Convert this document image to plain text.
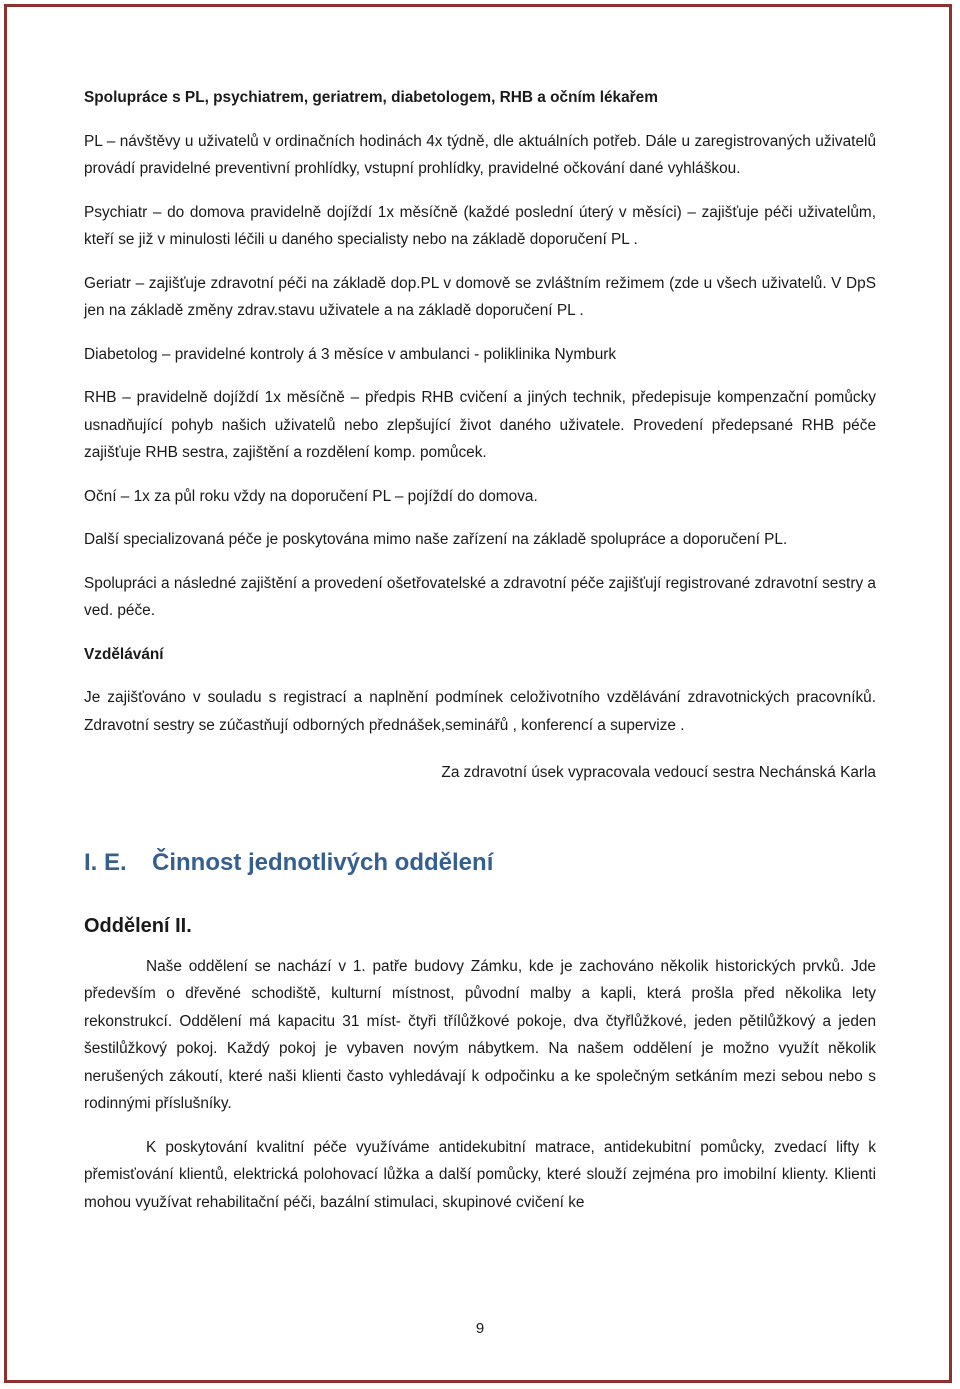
Spolupráce s PL, psychiatrem, geriatrem, diabetologem, RHB a očním lékařem

PL – návštěvy u uživatelů v ordinačních hodinách 4x týdně, dle aktuálních potřeb. Dále u zaregistrovaných uživatelů provádí pravidelné preventivní prohlídky, vstupní prohlídky, pravidelné očkování dané vyhláškou.

Psychiatr – do domova pravidelně dojíždí 1x měsíčně (každé poslední úterý v měsíci) – zajišťuje péči uživatelům, kteří se již v minulosti léčili u daného specialisty nebo na základě doporučení PL .

Geriatr – zajišťuje zdravotní péči na základě dop.PL v domově se zvláštním režimem (zde u všech uživatelů. V DpS jen na základě změny zdrav.stavu uživatele a na základě doporučení PL .

Diabetolog – pravidelné kontroly á 3 měsíce v ambulanci - poliklinika Nymburk

RHB – pravidelně dojíždí 1x měsíčně – předpis RHB cvičení a jiných technik, předepisuje kompenzační pomůcky usnadňující pohyb našich uživatelů nebo zlepšující život daného uživatele. Provedení předepsané RHB péče zajišťuje RHB sestra, zajištění a rozdělení komp. pomůcek.

Oční – 1x za půl roku vždy na doporučení PL – pojíždí do domova.

Další specializovaná péče je poskytována mimo naše zařízení na základě spolupráce a doporučení PL.

Spolupráci a následné zajištění a provedení ošetřovatelské a zdravotní péče zajišťují registrované zdravotní sestry a ved. péče.

Vzdělávání

Je zajišťováno v souladu s registrací a naplnění podmínek celoživotního vzdělávání zdravotnických pracovníků. Zdravotní sestry se zúčastňují odborných přednášek,seminářů , konferencí a supervize .

Za zdravotní úsek vypracovala vedoucí sestra Nechánská Karla

I. E. Činnost jednotlivých oddělení

Oddělení II.

Naše oddělení se nachází v 1. patře budovy Zámku, kde je zachováno několik historických prvků. Jde především o dřevěné schodiště, kulturní místnost, původní malby a kapli, která prošla před několika lety rekonstrukcí. Oddělení má kapacitu 31 míst- čtyři třílůžkové pokoje, dva čtyřlůžkové, jeden pětilůžkový a jeden šestilůžkový pokoj. Každý pokoj je vybaven novým nábytkem. Na našem oddělení je možno využít několik nerušených zákoutí, které naši klienti často vyhledávají k odpočinku a ke společným setkáním mezi sebou nebo s rodinnými příslušníky.

K poskytování kvalitní péče využíváme antidekubitní matrace, antidekubitní pomůcky, zvedací lifty k přemisťování klientů, elektrická polohovací lůžka a další pomůcky, které slouží zejména pro imobilní klienty. Klienti mohou využívat rehabilitační péči, bazální stimulaci, skupinové cvičení ke

9
